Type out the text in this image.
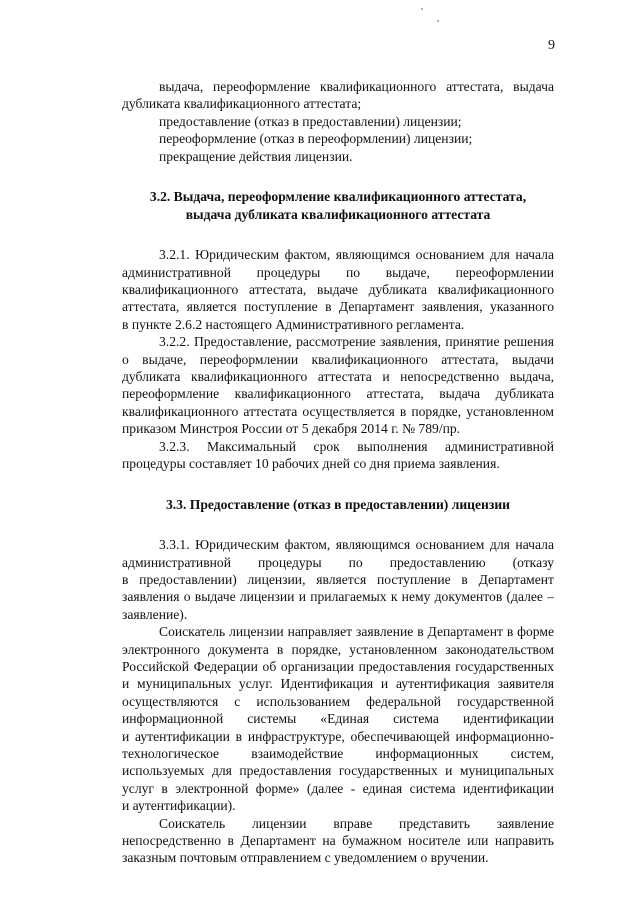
9

выдача, переоформление квалификационного аттестата, выдача

дубликата квалификационного аттестата;

предоставление (отказ в предоставлении) лицензии;

переоформление (отказ в переоформлении) лицензии;

прекращение действия лицензии.

3.2. Выдача, переоформление квалификационного аттестата,

выдача дубликата квалификационного аттестата

3.2.1. Юридическим фактом, являющимся основанием для начала

административной процедуры по выдаче, переоформлении

квалификационного аттестата, выдаче дубликата квалификационного

аттестата, является поступление в Департамент заявления, указанного

в пункте 2.6.2 настоящего Административного регламента.

3.2.2. Предоставление, рассмотрение заявления, принятие решения

о выдаче, переоформлении квалификационного аттестата, выдачи

дубликата квалификационного аттестата и непосредственно выдача,

переоформление квалификационного аттестата, выдача дубликата

квалификационного аттестата осуществляется в порядке, установленном

приказом Минстроя России от 5 декабря 2014 г. № 789/пр.

3.2.3. Максимальный срок выполнения административной

процедуры составляет 10 рабочих дней со дня приема заявления.

3.3. Предоставление (отказ в предоставлении) лицензии

3.3.1. Юридическим фактом, являющимся основанием для начала

административной процедуры по предоставлению (отказу

в предоставлении) лицензии, является поступление в Департамент

заявления о выдаче лицензии и прилагаемых к нему документов (далее –

заявление).

Соискатель лицензии направляет заявление в Департамент в форме

электронного документа в порядке, установленном законодательством

Российской Федерации об организации предоставления государственных

и муниципальных услуг. Идентификация и аутентификация заявителя

осуществляются с использованием федеральной государственной

информационной системы «Единая система идентификации

и аутентификации в инфраструктуре, обеспечивающей информационно-

технологическое взаимодействие информационных систем,

используемых для предоставления государственных и муниципальных

услуг в электронной форме» (далее - единая система идентификации

и аутентификации).

Соискатель лицензии вправе представить заявление

непосредственно в Департамент на бумажном носителе или направить

заказным почтовым отправлением с уведомлением о вручении.
